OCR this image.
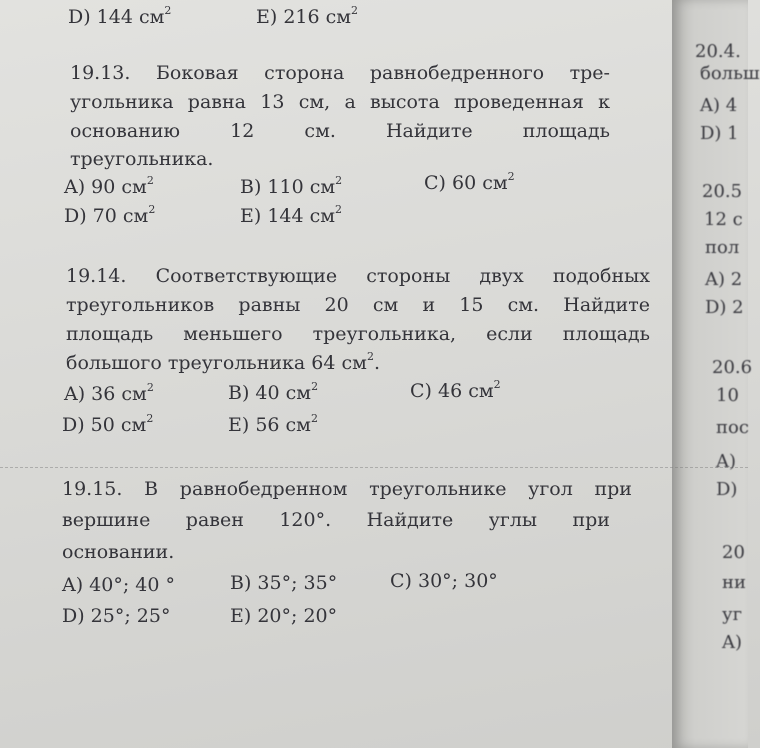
D) 144 $см^2$	E) 216 $см^2$
19.13. Боковая сторона равнобедренного тре-
угольника равна 13 см, а высота проведенная к
основанию	12	см.	Найдите	площадь
треугольника.
A) 90 $см^2$	B) 110 $см^2$	C) 60 $см^2$
D) 70 $см^2$	E) 144 $см^2$
19.14. Соответствующие стороны двух подобных
треугольников равны 20 см и 15 см. Найдите
площадь меньшего треугольника, если площадь
большого треугольника 64 $см^2$.
A) 36 $см^2$	B) 40 $см^2$	C) 46 $см^2$
D) 50 $см^2$	E) 56 $см^2$
19.15. В равнобедренном треугольнике угол при
вершине равен 120°. Найдите углы при
основании.
A) 40°; 40 °	B) 35°; 35°	C) 30°; 30°
D) 25°; 25°	E) 20°; 20°
20.4.
больш
A) 4
D) 1
20.5
12 с
пол
A) 2
D) 2
20.6
10
пос
A)
D)
20
ни
уг
A)
